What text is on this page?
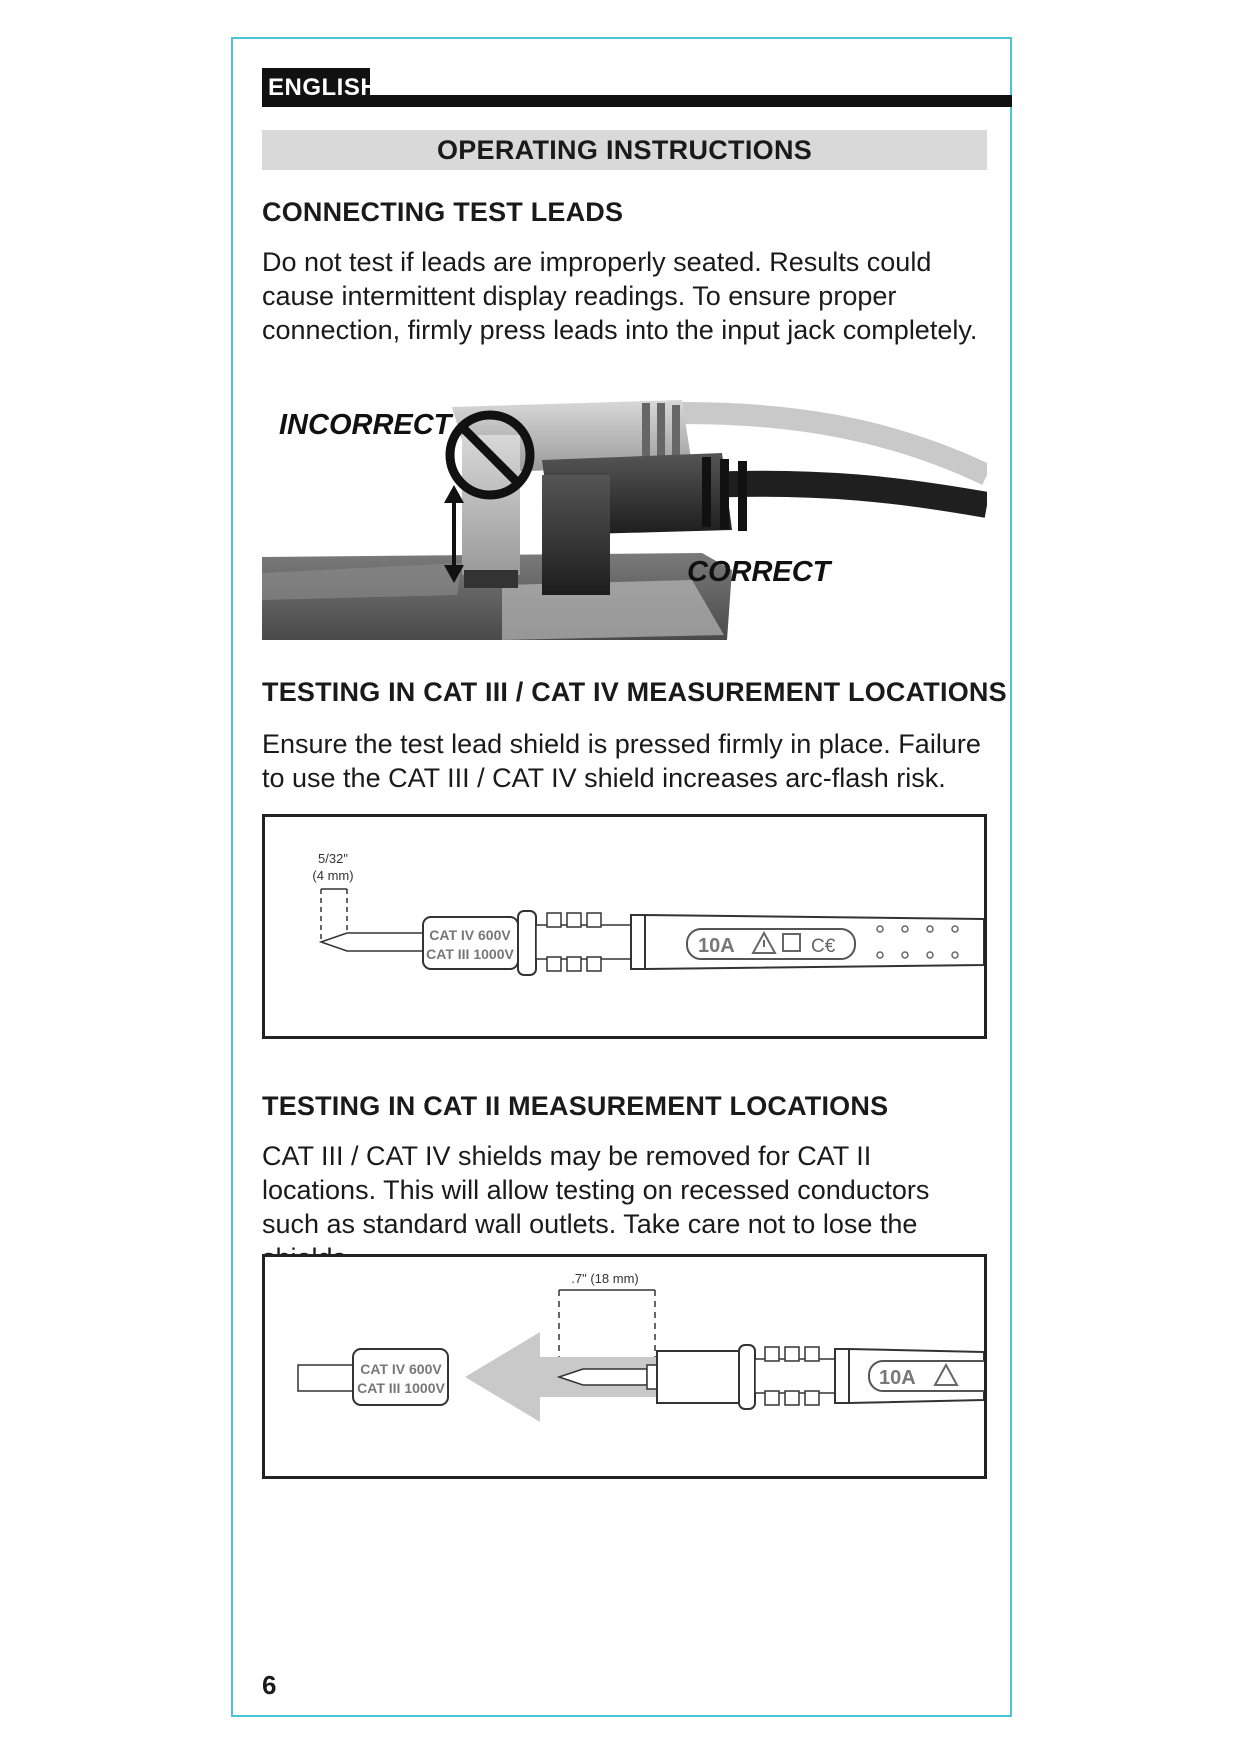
ENGLISH
OPERATING INSTRUCTIONS
CONNECTING TEST LEADS

Do not test if leads are improperly seated. Results could cause intermittent display readings. To ensure proper connection, firmly press leads into the input jack completely.

INCORRECT
CORRECT
TESTING IN CAT III / CAT IV MEASUREMENT LOCATIONS

Ensure the test lead shield is pressed firmly in place. Failure to use the CAT III / CAT IV shield increases arc-flash risk.

5/32"
(4 mm)
CAT IV 600V
CAT III 1000V	10A	C€
TESTING IN CAT II MEASUREMENT LOCATIONS

CAT III / CAT IV shields may be removed for CAT II locations. This will allow testing on recessed conductors such as standard wall outlets. Take care not to lose the

.7" (18 mm)
CAT IV 600V
CAT III 1000V	10A
6
